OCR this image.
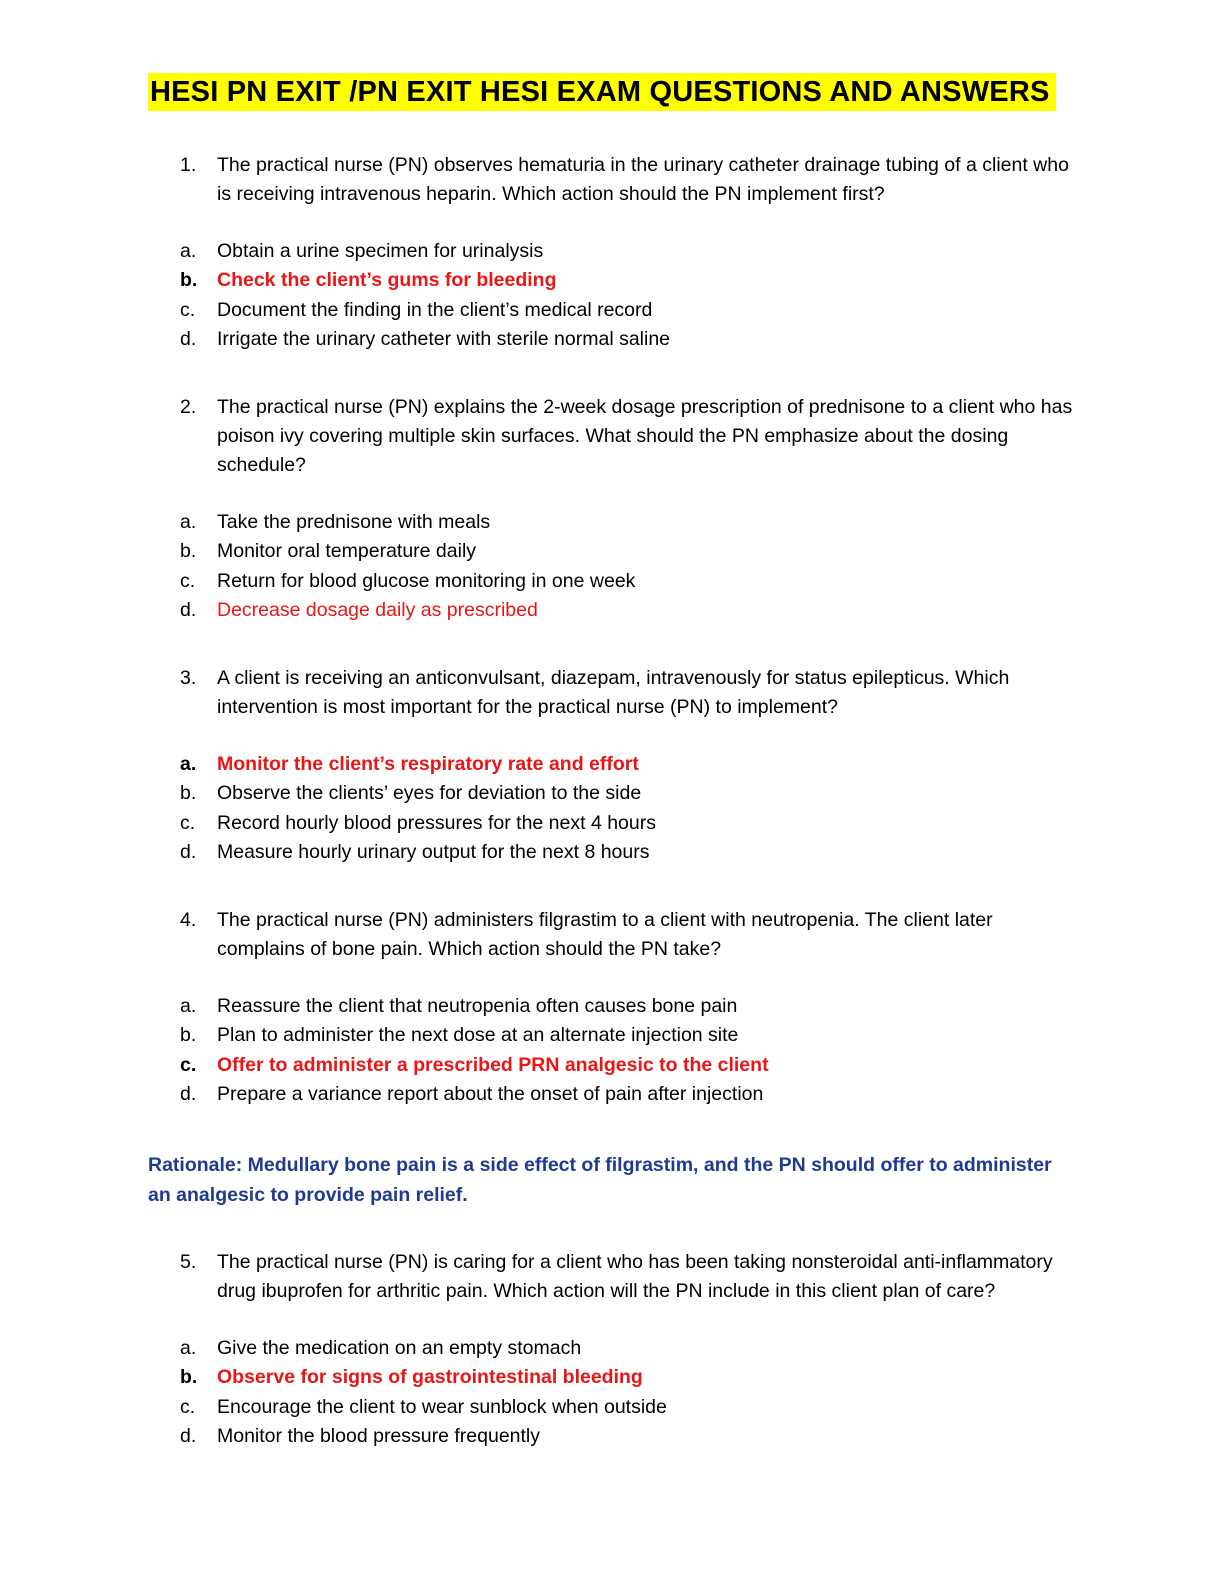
HESI PN EXIT /PN EXIT HESI EXAM QUESTIONS AND ANSWERS
1.	The practical nurse (PN) observes hematuria in the urinary catheter drainage tubing of a client who is receiving intravenous heparin. Which action should the PN implement first?
a.	Obtain a urine specimen for urinalysis
b.	Check the client’s gums for bleeding
c.	Document the finding in the client’s medical record
d.	Irrigate the urinary catheter with sterile normal saline
2.	The practical nurse (PN) explains the 2-week dosage prescription of prednisone to a client who has poison ivy covering multiple skin surfaces. What should the PN emphasize about the dosing schedule?
a.	Take the prednisone with meals
b.	Monitor oral temperature daily
c.	Return for blood glucose monitoring in one week
d.	Decrease dosage daily as prescribed
3.	A client is receiving an anticonvulsant, diazepam, intravenously for status epilepticus. Which intervention is most important for the practical nurse (PN) to implement?
a.	Monitor the client’s respiratory rate and effort
b.	Observe the clients’ eyes for deviation to the side
c.	Record hourly blood pressures for the next 4 hours
d.	Measure hourly urinary output for the next 8 hours
4.	The practical nurse (PN) administers filgrastim to a client with neutropenia. The client later complains of bone pain. Which action should the PN take?
a.	Reassure the client that neutropenia often causes bone pain
b.	Plan to administer the next dose at an alternate injection site
c.	Offer to administer a prescribed PRN analgesic to the client
d.	Prepare a variance report about the onset of pain after injection

Rationale: Medullary bone pain is a side effect of filgrastim, and the PN should offer to administer an analgesic to provide pain relief.

5.	The practical nurse (PN) is caring for a client who has been taking nonsteroidal anti-inflammatory drug ibuprofen for arthritic pain. Which action will the PN include in this client plan of care?
a.	Give the medication on an empty stomach
b.	Observe for signs of gastrointestinal bleeding
c.	Encourage the client to wear sunblock when outside
d.	Monitor the blood pressure frequently
